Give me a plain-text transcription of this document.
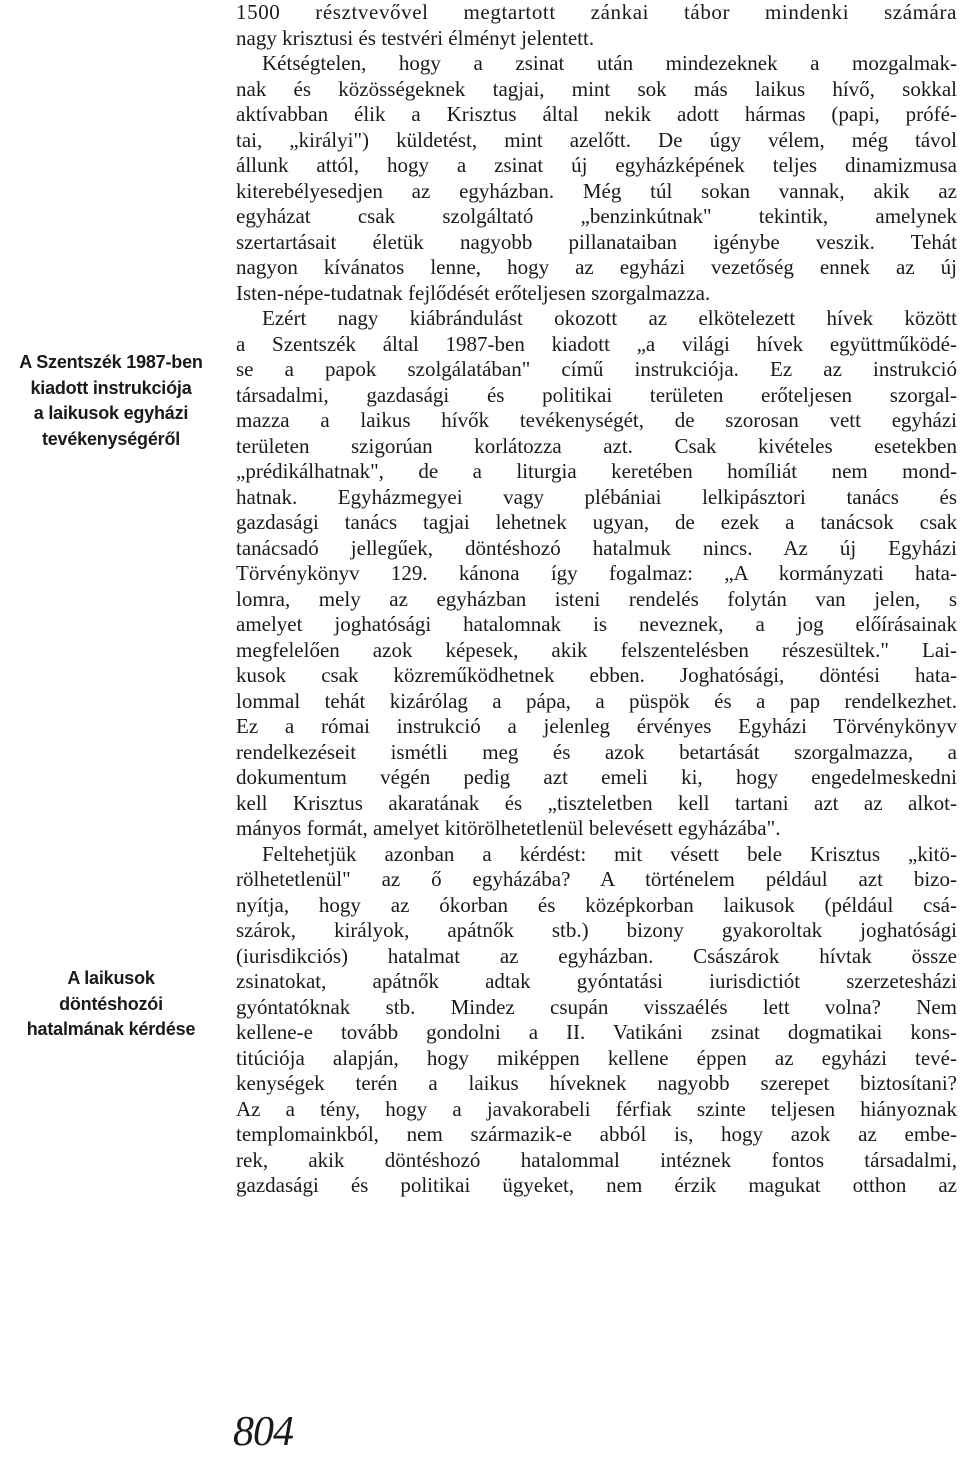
A Szentszék 1987-ben
kiadott instrukciója
a laikusok egyházi
tevékenységéről
A laikusok
döntéshozói
hatalmának kérdése
1500 résztvevővel megtartott zánkai tábor mindenki számára
nagy krisztusi és testvéri élményt jelentett.
Kétségtelen, hogy a zsinat után mindezeknek a mozgalmak-
nak és közösségeknek tagjai, mint sok más laikus hívő, sokkal
aktívabban élik a Krisztus által nekik adott hármas (papi, prófé-
tai, „királyi") küldetést, mint azelőtt. De úgy vélem, még távol
állunk attól, hogy a zsinat új egyházképének teljes dinamizmusa
kiterebélyesedjen az egyházban. Még túl sokan vannak, akik az
egyházat csak szolgáltató „benzinkútnak" tekintik, amelynek
szertartásait életük nagyobb pillanataiban igénybe veszik. Tehát
nagyon kívánatos lenne, hogy az egyházi vezetőség ennek az új
Isten-népe-tudatnak fejlődését erőteljesen szorgalmazza.
Ezért nagy kiábrándulást okozott az elkötelezett hívek között
a Szentszék által 1987-ben kiadott „a világi hívek együttműködé-
se a papok szolgálatában" című instrukciója. Ez az instrukció
társadalmi, gazdasági és politikai területen erőteljesen szorgal-
mazza a laikus hívők tevékenységét, de szorosan vett egyházi
területen szigorúan korlátozza azt. Csak kivételes esetekben
„prédikálhatnak", de a liturgia keretében homíliát nem mond-
hatnak. Egyházmegyei vagy plébániai lelkipásztori tanács és
gazdasági tanács tagjai lehetnek ugyan, de ezek a tanácsok csak
tanácsadó jellegűek, döntéshozó hatalmuk nincs. Az új Egyházi
Törvénykönyv 129. kánona így fogalmaz: „A kormányzati hata-
lomra, mely az egyházban isteni rendelés folytán van jelen, s
amelyet joghatósági hatalomnak is neveznek, a jog előírásainak
megfelelően azok képesek, akik felszentelésben részesültek." Lai-
kusok csak közreműködhetnek ebben. Joghatósági, döntési hata-
lommal tehát kizárólag a pápa, a püspök és a pap rendelkezhet.
Ez a római instrukció a jelenleg érvényes Egyházi Törvénykönyv
rendelkezéseit ismétli meg és azok betartását szorgalmazza, a
dokumentum végén pedig azt emeli ki, hogy engedelmeskedni
kell Krisztus akaratának és „tiszteletben kell tartani azt az alkot-
mányos formát, amelyet kitörölhetetlenül belevésett egyházába".
Feltehetjük azonban a kérdést: mit vésett bele Krisztus „kitö-
rölhetetlenül" az ő egyházába? A történelem például azt bizo-
nyítja, hogy az ókorban és középkorban laikusok (például csá-
szárok, királyok, apátnők stb.) bizony gyakoroltak joghatósági
(iurisdikciós) hatalmat az egyházban. Császárok hívtak össze
zsinatokat, apátnők adtak gyóntatási iurisdictiót szerzetesházi
gyóntatóknak stb. Mindez csupán visszaélés lett volna? Nem
kellene-e tovább gondolni a II. Vatikáni zsinat dogmatikai kons-
titúciója alapján, hogy miképpen kellene éppen az egyházi tevé-
kenységek terén a laikus híveknek nagyobb szerepet biztosítani?
Az a tény, hogy a javakorabeli férfiak szinte teljesen hiányoznak
templomainkból, nem származik-e abból is, hogy azok az embe-
rek, akik döntéshozó hatalommal intéznek fontos társadalmi,
gazdasági és politikai ügyeket, nem érzik magukat otthon az
804
